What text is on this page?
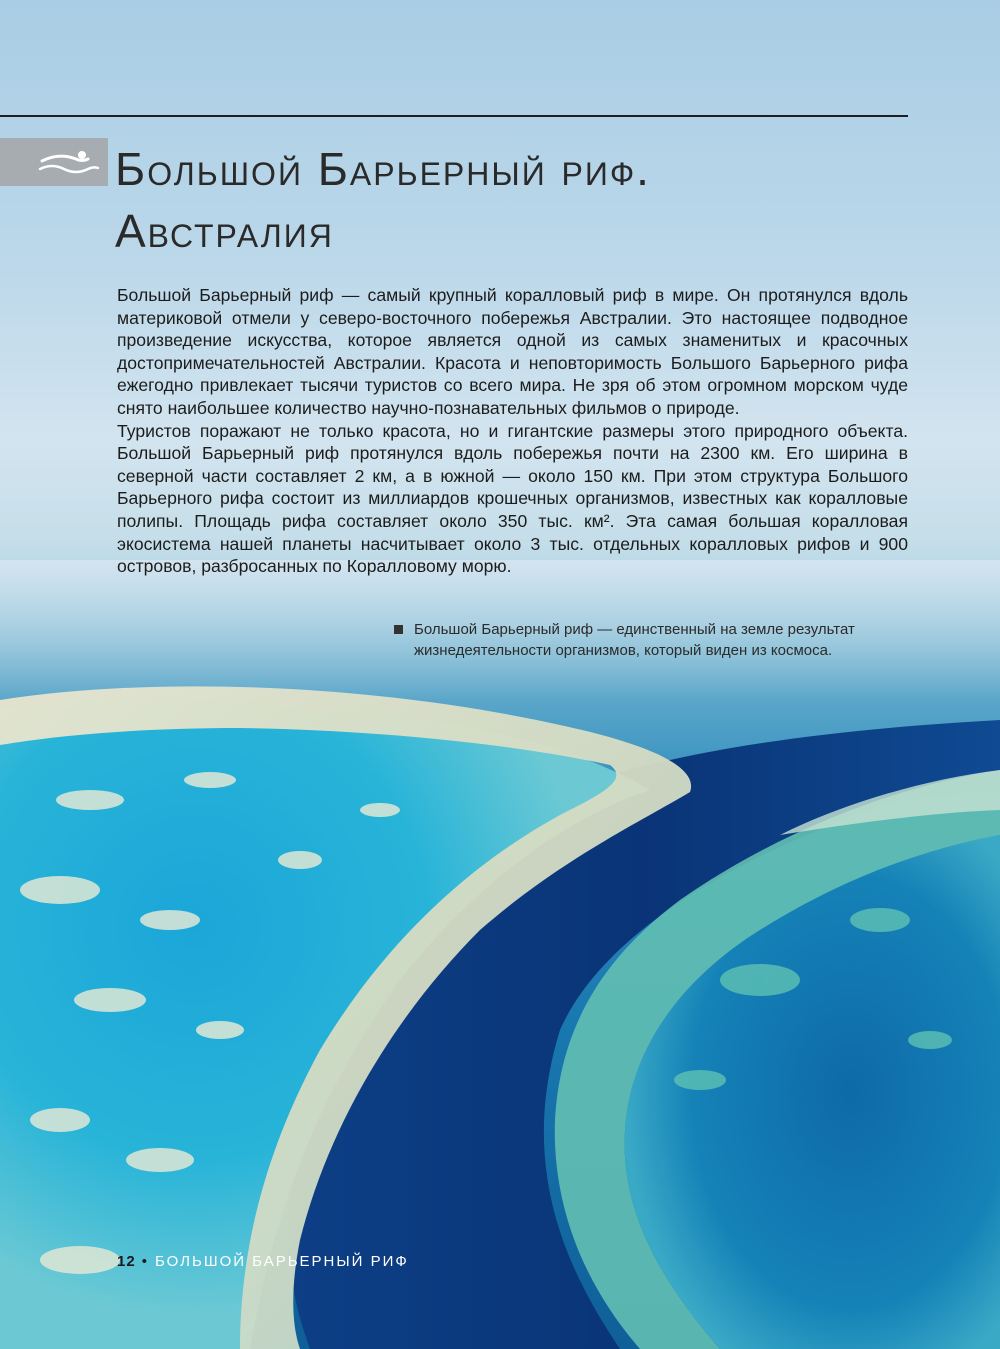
Большой Барьерный риф.
Австралия

Большой Барьерный риф — самый крупный коралловый риф в мире. Он протянулся вдоль материковой отмели у северо-восточного побережья Австралии. Это настоящее подводное произведение искусства, которое является одной из самых знаменитых и красочных достопримечательностей Австралии. Красота и неповторимость Большого Барьерного рифа ежегодно привлекает тысячи туристов со всего мира. Не зря об этом огромном морском чуде снято наибольшее количество научно-познавательных фильмов о природе.

Туристов поражают не только красота, но и гигантские размеры этого природного объекта. Большой Барьерный риф протянулся вдоль побережья почти на 2300 км. Его ширина в северной части составляет 2 км, а в южной — около 150 км. При этом структура Большого Барьерного рифа состоит из миллиардов крошечных организмов, известных как коралловые полипы. Площадь рифа составляет около 350 тыс. км². Эта самая большая коралловая экосистема нашей планеты насчитывает около 3 тыс. отдельных коралловых рифов и 900 островов, разбросанных по Коралловому морю.

Большой Барьерный риф — единственный на земле результат жизнедеятельности организмов, который виден из космоса.
12 • БОЛЬШОЙ БАРЬЕРНЫЙ РИФ
